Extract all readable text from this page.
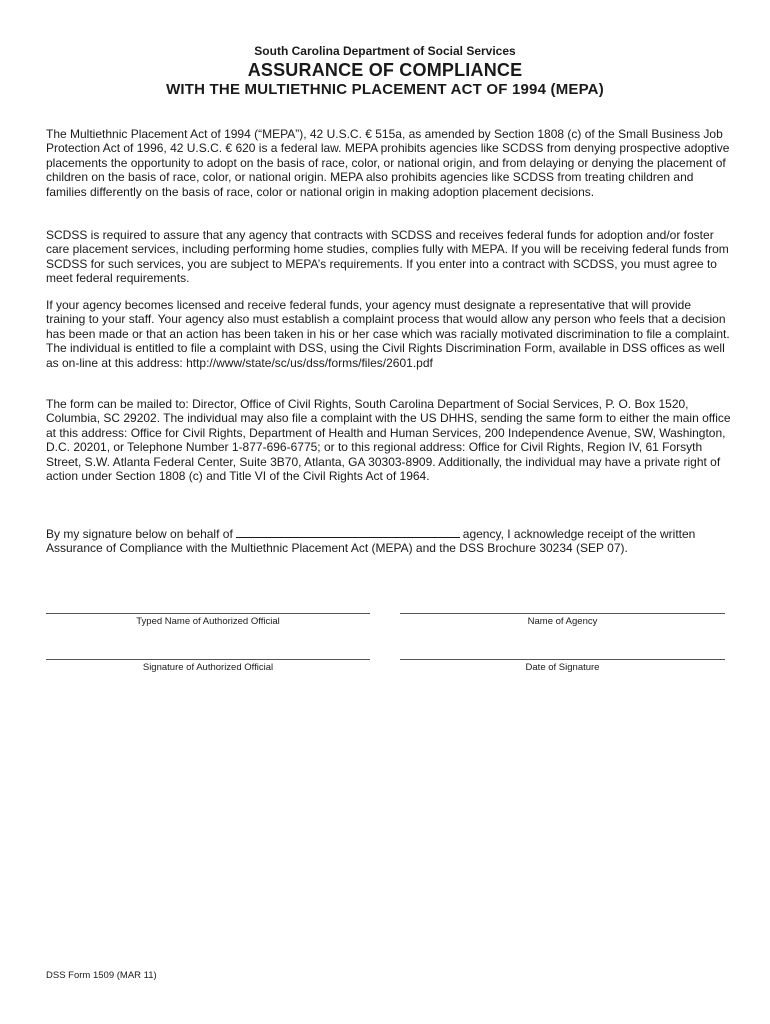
South Carolina Department of Social Services
ASSURANCE OF COMPLIANCE
WITH THE MULTIETHNIC PLACEMENT ACT OF 1994 (MEPA)

The Multiethnic Placement Act of 1994 (“MEPA”), 42 U.S.C. € 515a, as amended by Section 1808 (c) of the Small Business Job Protection Act of 1996, 42 U.S.C. € 620 is a federal law. MEPA prohibits agencies like SCDSS from denying prospective adoptive placements the opportunity to adopt on the basis of race, color, or national origin, and from delaying or denying the placement of children on the basis of race, color, or national origin. MEPA also prohibits agencies like SCDSS from treating children and families differently on the basis of race, color or national origin in making adoption placement decisions.

SCDSS is required to assure that any agency that contracts with SCDSS and receives federal funds for adoption and/or foster care placement services, including performing home studies, complies fully with MEPA. If you will be receiving federal funds from SCDSS for such services, you are subject to MEPA’s requirements. If you enter into a contract with SCDSS, you must agree to meet federal requirements.

If your agency becomes licensed and receive federal funds, your agency must designate a representative that will provide training to your staff. Your agency also must establish a complaint process that would allow any person who feels that a decision has been made or that an action has been taken in his or her case which was racially motivated discrimination to file a complaint. The individual is entitled to file a complaint with DSS, using the Civil Rights Discrimination Form, available in DSS offices as well as on-line at this address: http://www/state/sc/us/dss/forms/files/2601.pdf

The form can be mailed to: Director, Office of Civil Rights, South Carolina Department of Social Services, P. O. Box 1520, Columbia, SC 29202. The individual may also file a complaint with the US DHHS, sending the same form to either the main office at this address: Office for Civil Rights, Department of Health and Human Services, 200 Independence Avenue, SW, Washington, D.C. 20201, or Telephone Number 1-877-696-6775; or to this regional address: Office for Civil Rights, Region IV, 61 Forsyth Street, S.W. Atlanta Federal Center, Suite 3B70, Atlanta, GA 30303-8909. Additionally, the individual may have a private right of action under Section 1808 (c) and Title VI of the Civil Rights Act of 1964.

By my signature below on behalf of	agency, I acknowledge receipt of the written Assurance of Compliance with the Multiethnic Placement Act (MEPA) and the DSS Brochure 30234 (SEP 07).

Typed Name of Authorized Official	Name of Agency
Signature of Authorized Official	Date of Signature
DSS Form 1509 (MAR 11)
